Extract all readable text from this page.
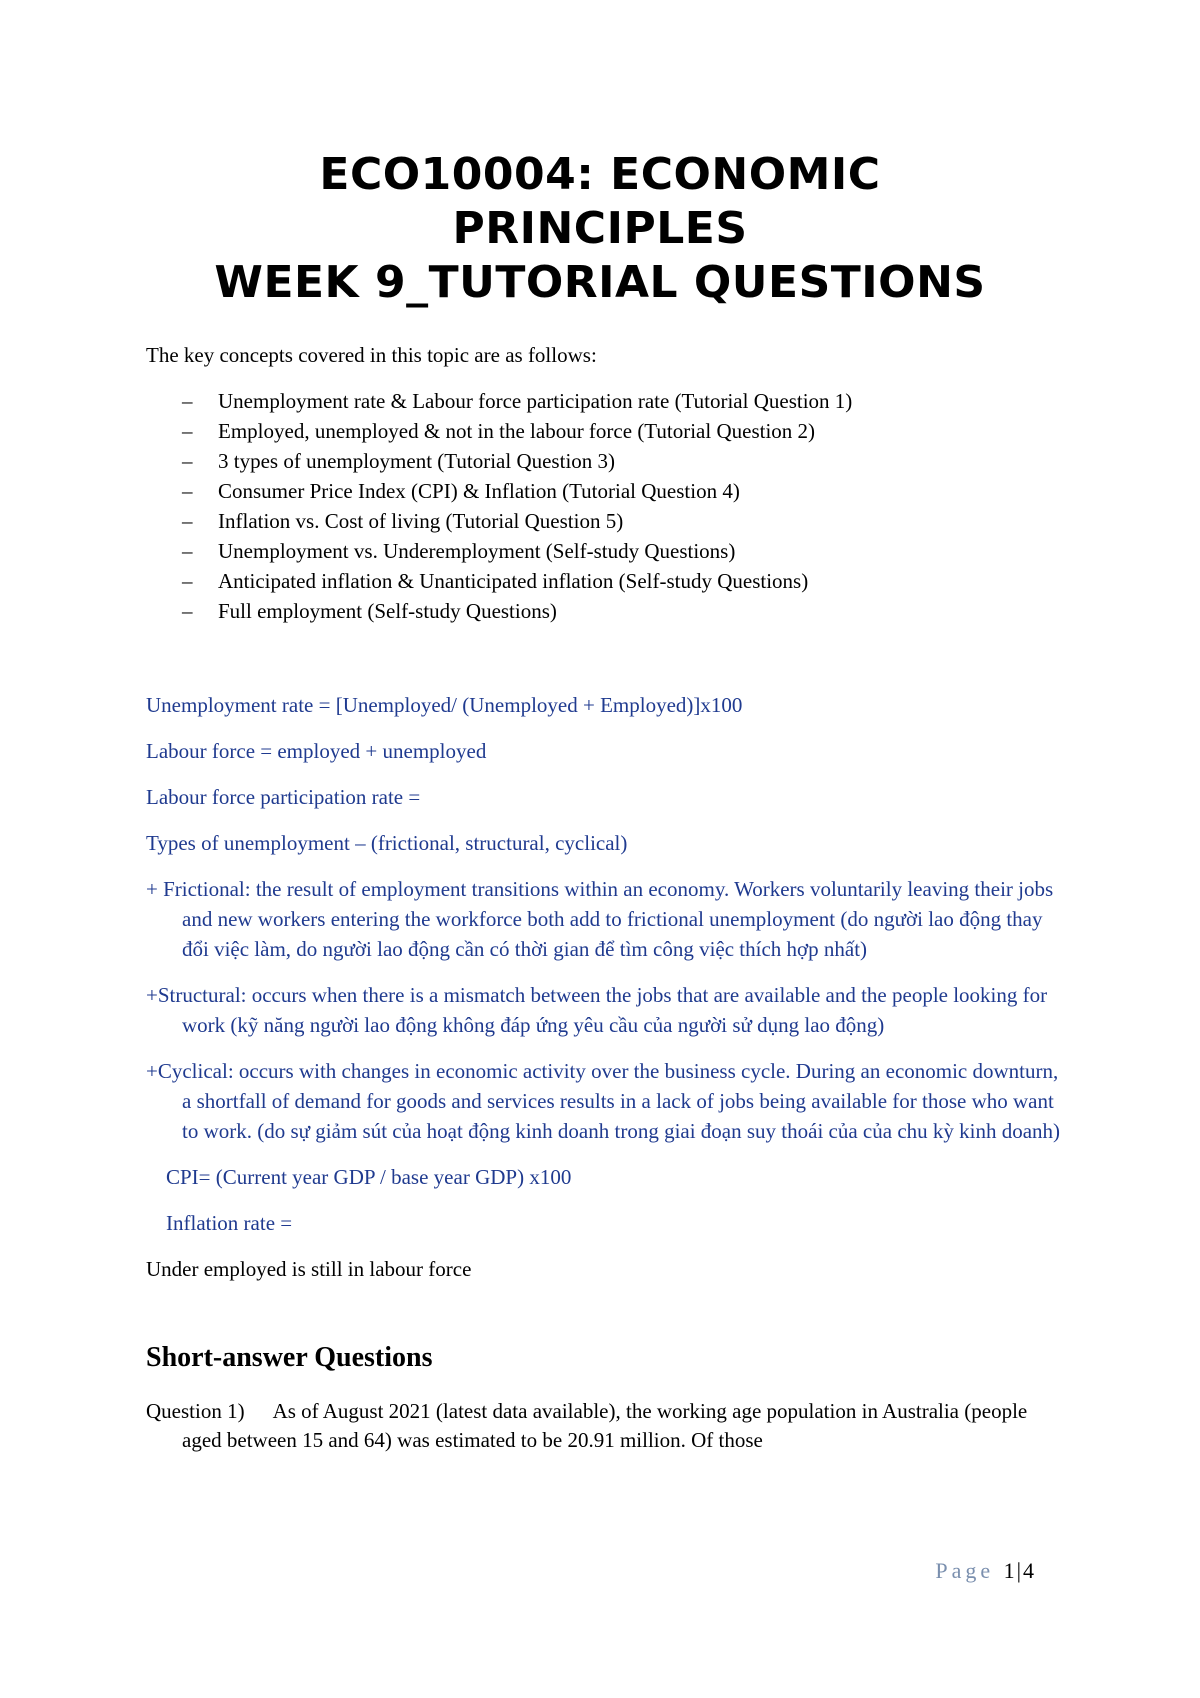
ECO10004: ECONOMIC
PRINCIPLES
WEEK 9_TUTORIAL QUESTIONS

The key concepts covered in this topic are as follows:

– Unemployment rate & Labour force participation rate (Tutorial Question 1)
– Employed, unemployed & not in the labour force (Tutorial Question 2)
– 3 types of unemployment (Tutorial Question 3)
– Consumer Price Index (CPI) & Inflation (Tutorial Question 4)
– Inflation vs. Cost of living (Tutorial Question 5)
– Unemployment vs. Underemployment (Self-study Questions)
– Anticipated inflation & Unanticipated inflation (Self-study Questions)
– Full employment (Self-study Questions)

Unemployment rate = [Unemployed/ (Unemployed + Employed)]x100

Labour force = employed + unemployed

Labour force participation rate =

Types of unemployment – (frictional, structural, cyclical)

+ Frictional: the result of employment transitions within an economy. Workers voluntarily leaving their jobs and new workers entering the workforce both add to frictional unemployment (do người lao động thay đổi việc làm, do người lao động cần có thời gian để tìm công việc thích hợp nhất)

+Structural: occurs when there is a mismatch between the jobs that are available and the people looking for work (kỹ năng người lao động không đáp ứng yêu cầu của người sử dụng lao động)

+Cyclical: occurs with changes in economic activity over the business cycle. During an economic downturn, a shortfall of demand for goods and services results in a lack of jobs being available for those who want to work. (do sự giảm sút của hoạt động kinh doanh trong giai đoạn suy thoái của của chu kỳ kinh doanh)

CPI= (Current year GDP / base year GDP) x100

Inflation rate =

Under employed is still in labour force

Short-answer Questions

Question 1) As of August 2021 (latest data available), the working age population in Australia (people aged between 15 and 64) was estimated to be 20.91 million. Of those

Page 1|4
